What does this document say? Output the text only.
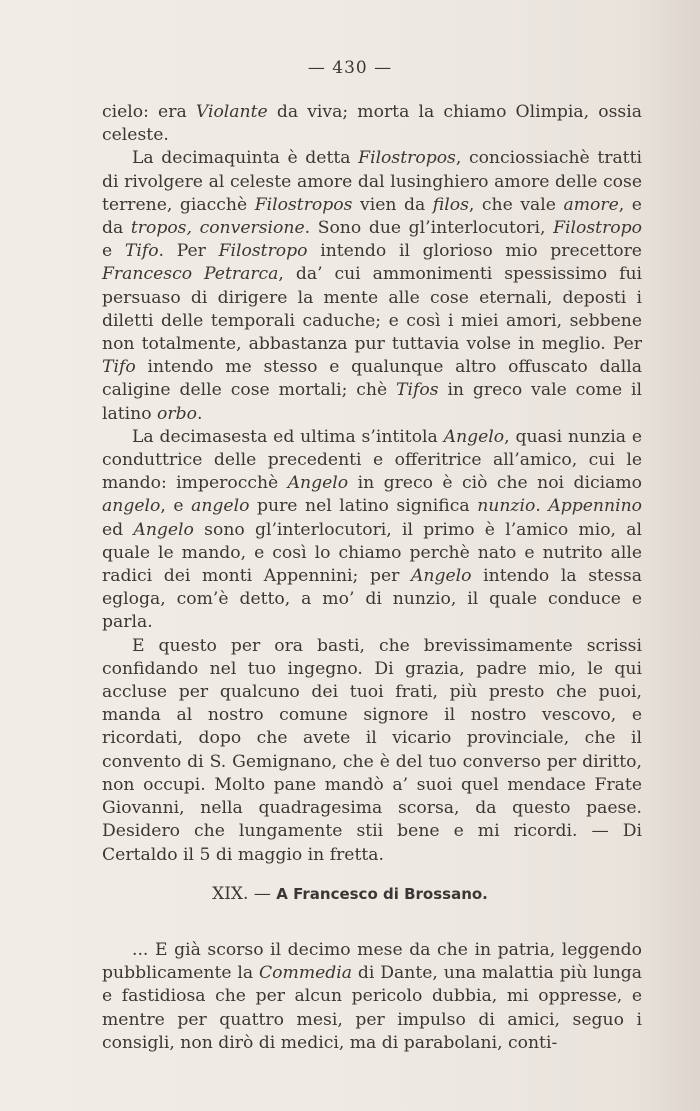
— 430 —

cielo: era Violante da viva; morta la chiamo Olimpia, ossia celeste.

La decimaquinta è detta Filostropos, conciossiachè tratti di rivolgere al celeste amore dal lusinghiero amore delle cose terrene, giacchè Filostropos vien da filos, che vale amore, e da tropos, conversione. Sono due gl’interlocutori, Filostropo e Tifo. Per Filostropo intendo il glorioso mio precettore Francesco Petrarca, da’ cui ammonimenti spessissimo fui persuaso di dirigere la mente alle cose eternali, deposti i diletti delle temporali caduche; e così i miei amori, sebbene non totalmente, abbastanza pur tuttavia volse in meglio. Per Tifo intendo me stesso e qualunque altro offuscato dalla caligine delle cose mortali; chè Tifos in greco vale come il latino orbo.

La decimasesta ed ultima s’intitola Angelo, quasi nunzia e conduttrice delle precedenti e offeritrice all’amico, cui le mando: imperocchè Angelo in greco è ciò che noi diciamo angelo, e angelo pure nel latino significa nunzio. Appennino ed Angelo sono gl’interlocutori, il primo è l’amico mio, al quale le mando, e così lo chiamo perchè nato e nutrito alle radici dei monti Appennini; per Angelo intendo la stessa egloga, com’è detto, a mo’ di nunzio, il quale conduce e parla.

E questo per ora basti, che brevissimamente scrissi confidando nel tuo ingegno. Di grazia, padre mio, le qui accluse per qualcuno dei tuoi frati, più presto che puoi, manda al nostro comune signore il nostro vescovo, e ricordati, dopo che avete il vicario provinciale, che il convento di S. Gemignano, che è del tuo converso per diritto, non occupi. Molto pane mandò a’ suoi quel mendace Frate Giovanni, nella quadragesima scorsa, da questo paese. Desidero che lungamente stii bene e mi ricordi. — Di Certaldo il 5 di maggio in fretta.

XIX. — A Francesco di Brossano.

... E già scorso il decimo mese da che in patria, leggendo pubblicamente la Commedia di Dante, una malattia più lunga e fastidiosa che per alcun pericolo dubbia, mi oppresse, e mentre per quattro mesi, per impulso di amici, seguo i consigli, non dirò di medici, ma di parabolani, conti-
